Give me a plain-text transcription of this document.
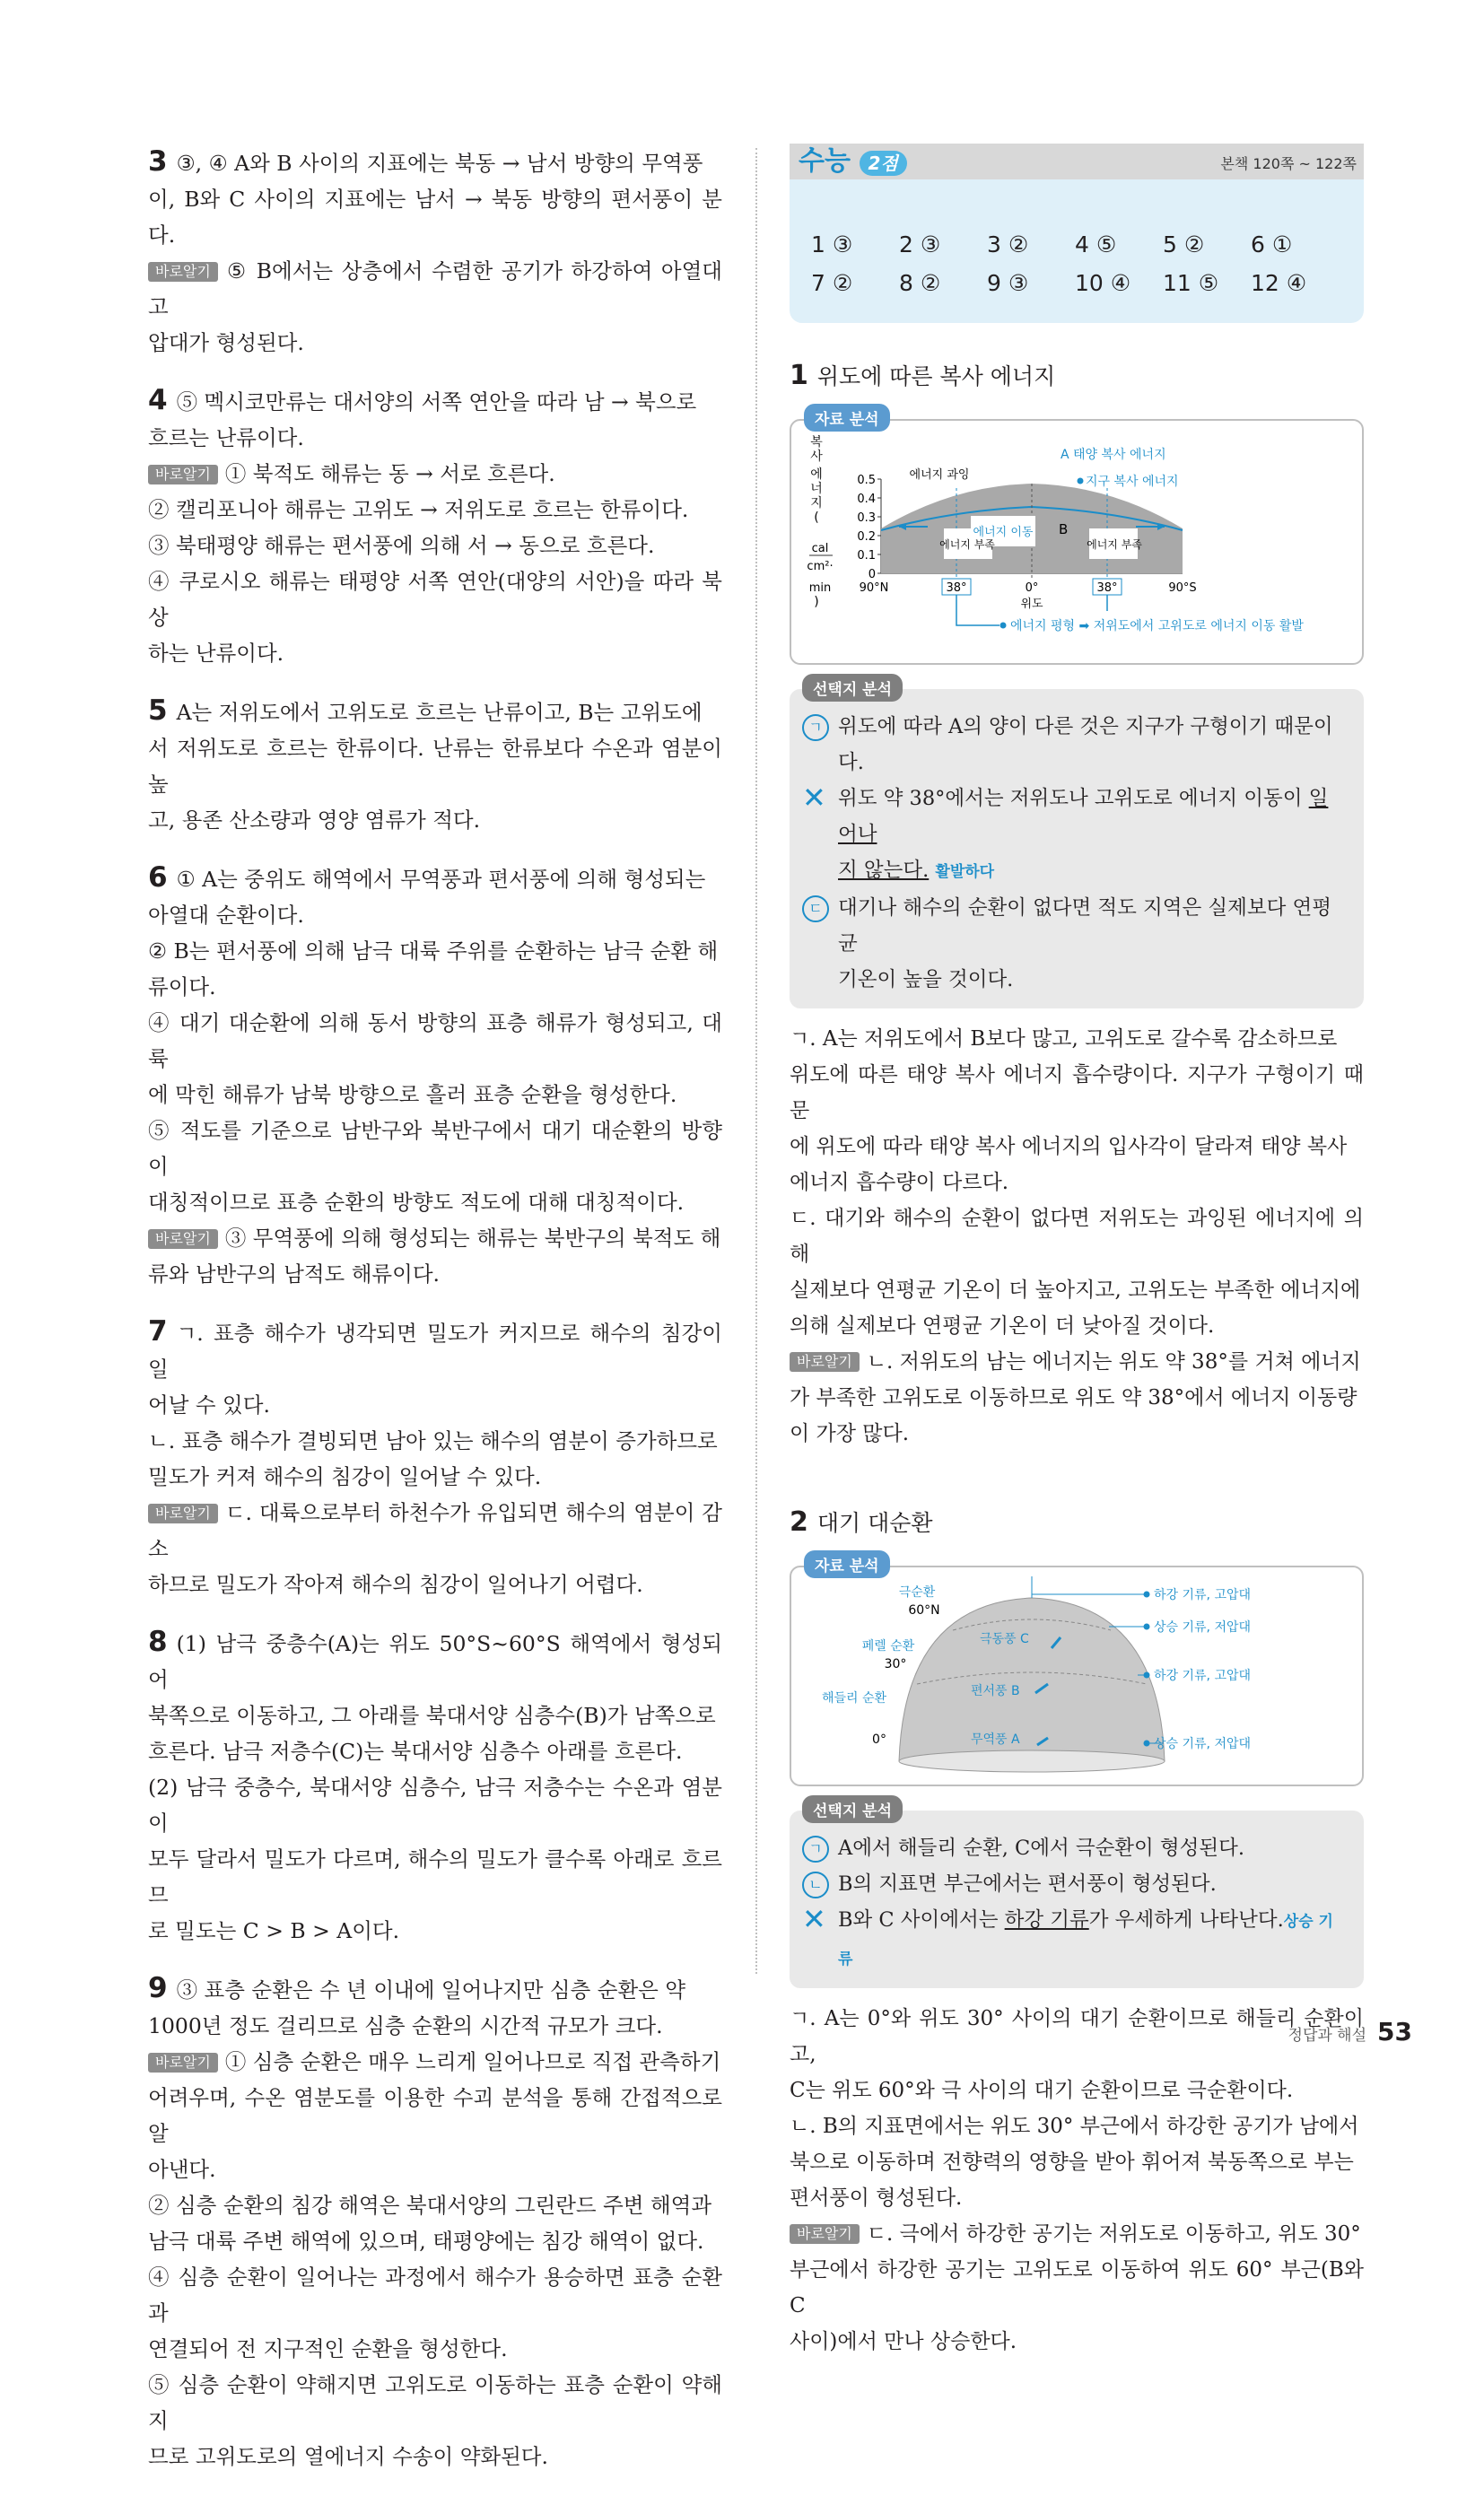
3 ③, ④ A와 B 사이의 지표에는 북동 → 남서 방향의 무역풍
이, B와 C 사이의 지표에는 남서 → 북동 방향의 편서풍이 분다.
바로알기 ⑤ B에서는 상층에서 수렴한 공기가 하강하여 아열대 고
압대가 형성된다.
4 ⑤ 멕시코만류는 대서양의 서쪽 연안을 따라 남 → 북으로
흐르는 난류이다.
바로알기 ① 북적도 해류는 동 → 서로 흐른다.
② 캘리포니아 해류는 고위도 → 저위도로 흐르는 한류이다.
③ 북태평양 해류는 편서풍에 의해 서 → 동으로 흐른다.
④ 쿠로시오 해류는 태평양 서쪽 연안(대양의 서안)을 따라 북상
하는 난류이다.
5 A는 저위도에서 고위도로 흐르는 난류이고, B는 고위도에
서 저위도로 흐르는 한류이다. 난류는 한류보다 수온과 염분이 높
고, 용존 산소량과 영양 염류가 적다.
6 ① A는 중위도 해역에서 무역풍과 편서풍에 의해 형성되는
아열대 순환이다.
② B는 편서풍에 의해 남극 대륙 주위를 순환하는 남극 순환 해
류이다.
④ 대기 대순환에 의해 동서 방향의 표층 해류가 형성되고, 대륙
에 막힌 해류가 남북 방향으로 흘러 표층 순환을 형성한다.
⑤ 적도를 기준으로 남반구와 북반구에서 대기 대순환의 방향이
대칭적이므로 표층 순환의 방향도 적도에 대해 대칭적이다.
바로알기 ③ 무역풍에 의해 형성되는 해류는 북반구의 북적도 해
류와 남반구의 남적도 해류이다.
7 ㄱ. 표층 해수가 냉각되면 밀도가 커지므로 해수의 침강이 일
어날 수 있다.
ㄴ. 표층 해수가 결빙되면 남아 있는 해수의 염분이 증가하므로
밀도가 커져 해수의 침강이 일어날 수 있다.
바로알기 ㄷ. 대륙으로부터 하천수가 유입되면 해수의 염분이 감소
하므로 밀도가 작아져 해수의 침강이 일어나기 어렵다.
8 (1) 남극 중층수(A)는 위도 50°S~60°S 해역에서 형성되어
북쪽으로 이동하고, 그 아래를 북대서양 심층수(B)가 남쪽으로
흐른다. 남극 저층수(C)는 북대서양 심층수 아래를 흐른다.
(2) 남극 중층수, 북대서양 심층수, 남극 저층수는 수온과 염분이
모두 달라서 밀도가 다르며, 해수의 밀도가 클수록 아래로 흐르므
로 밀도는 C > B > A이다.
9 ③ 표층 순환은 수 년 이내에 일어나지만 심층 순환은 약
1000년 정도 걸리므로 심층 순환의 시간적 규모가 크다.
바로알기 ① 심층 순환은 매우 느리게 일어나므로 직접 관측하기
어려우며, 수온 염분도를 이용한 수괴 분석을 통해 간접적으로 알
아낸다.
② 심층 순환의 침강 해역은 북대서양의 그린란드 주변 해역과
남극 대륙 주변 해역에 있으며, 태평양에는 침강 해역이 없다.
④ 심층 순환이 일어나는 과정에서 해수가 용승하면 표층 순환과
연결되어 전 지구적인 순환을 형성한다.
⑤ 심층 순환이 약해지면 고위도로 이동하는 표층 순환이 약해지
므로 고위도로의 열에너지 수송이 약화된다.
수능 2점	본책 120쪽 ~ 122쪽
1 ③	2 ③	3 ②	4 ⑤	5 ②	6 ①
7 ②	8 ②	9 ③	10 ④	11 ⑤	12 ④
1 위도에 따른 복사 에너지
자료 분석
복
사
에
너
지
(
cal
cm²·
min
)
0.5
0.4
0.3
0.2
0.1
0
에너지 과잉
A 태양 복사 에너지
지구 복사 에너지
에너지 이동
에너지 부족	에너지 부족
B
90°N	38°	0°	38°	90°S
위도
에너지 평형 ➡ 저위도에서 고위도로 에너지 이동 활발
선택지 분석
ㄱ 위도에 따라 A의 양이 다른 것은 지구가 구형이기 때문이다.
✕ 위도 약 38°에서는 저위도나 고위도로 에너지 이동이 일어나
지 않는다. 활발하다
ㄷ 대기나 해수의 순환이 없다면 적도 지역은 실제보다 연평균
기온이 높을 것이다.
ㄱ. A는 저위도에서 B보다 많고, 고위도로 갈수록 감소하므로
위도에 따른 태양 복사 에너지 흡수량이다. 지구가 구형이기 때문
에 위도에 따라 태양 복사 에너지의 입사각이 달라져 태양 복사
에너지 흡수량이 다르다.
ㄷ. 대기와 해수의 순환이 없다면 저위도는 과잉된 에너지에 의해
실제보다 연평균 기온이 더 높아지고, 고위도는 부족한 에너지에
의해 실제보다 연평균 기온이 더 낮아질 것이다.
바로알기 ㄴ. 저위도의 남는 에너지는 위도 약 38°를 거쳐 에너지
가 부족한 고위도로 이동하므로 위도 약 38°에서 에너지 이동량
이 가장 많다.
2 대기 대순환
자료 분석
극순환
60°N
페렐 순환
30°
해들리 순환
0°
극동풍 C
편서풍 B
무역풍 A
하강 기류, 고압대
상승 기류, 저압대
하강 기류, 고압대
상승 기류, 저압대
선택지 분석
ㄱ A에서 해들리 순환, C에서 극순환이 형성된다.
ㄴ B의 지표면 부근에서는 편서풍이 형성된다.
✕ B와 C 사이에서는 하강 기류가 우세하게 나타난다.상승 기류
ㄱ. A는 0°와 위도 30° 사이의 대기 순환이므로 해들리 순환이고,
C는 위도 60°와 극 사이의 대기 순환이므로 극순환이다.
ㄴ. B의 지표면에서는 위도 30° 부근에서 하강한 공기가 남에서
북으로 이동하며 전향력의 영향을 받아 휘어져 북동쪽으로 부는
편서풍이 형성된다.
바로알기 ㄷ. 극에서 하강한 공기는 저위도로 이동하고, 위도 30°
부근에서 하강한 공기는 고위도로 이동하여 위도 60° 부근(B와 C
사이)에서 만나 상승한다.
정답과 해설 53
